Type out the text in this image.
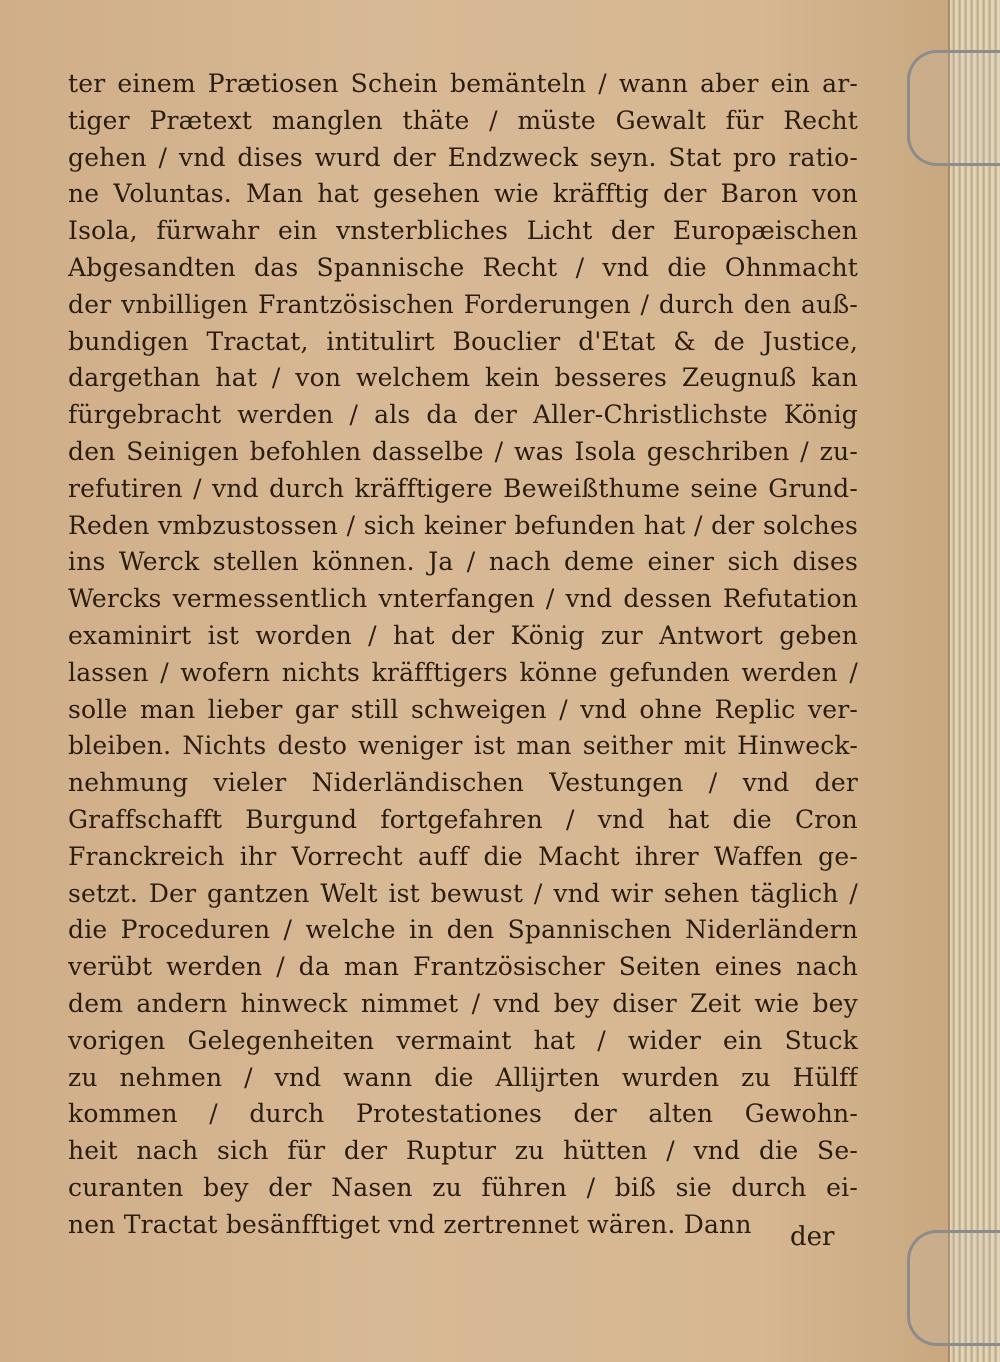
ter einem Prætiosen Schein bemänteln / wann aber ein ar-
tiger Prætext manglen thäte / müste Gewalt für Recht
gehen / vnd dises wurd der Endzweck seyn. Stat pro ratio-
ne Voluntas. Man hat gesehen wie kräfftig der Baron von
Isola, fürwahr ein vnsterbliches Licht der Europæischen
Abgesandten das Spannische Recht / vnd die Ohnmacht
der vnbilligen Frantzösischen Forderungen / durch den auß-
bundigen Tractat, intitulirt Bouclier d'Etat & de Justice,
dargethan hat / von welchem kein besseres Zeugnuß kan
fürgebracht werden / als da der Aller-Christlichste König
den Seinigen befohlen dasselbe / was Isola geschriben / zu-
refutiren / vnd durch kräfftigere Beweißthume seine Grund-
Reden vmbzustossen / sich keiner befunden hat / der solches
ins Werck stellen können. Ja / nach deme einer sich dises
Wercks vermessentlich vnterfangen / vnd dessen Refutation
examinirt ist worden / hat der König zur Antwort geben
lassen / wofern nichts kräfftigers könne gefunden werden /
solle man lieber gar still schweigen / vnd ohne Replic ver-
bleiben. Nichts desto weniger ist man seither mit Hinweck-
nehmung vieler Niderländischen Vestungen / vnd der
Graffschafft Burgund fortgefahren / vnd hat die Cron
Franckreich ihr Vorrecht auff die Macht ihrer Waffen ge-
setzt. Der gantzen Welt ist bewust / vnd wir sehen täglich /
die Proceduren / welche in den Spannischen Niderländern
verübt werden / da man Frantzösischer Seiten eines nach
dem andern hinweck nimmet / vnd bey diser Zeit wie bey
vorigen Gelegenheiten vermaint hat / wider ein Stuck
zu nehmen / vnd wann die Allijrten wurden zu Hülff
kommen / durch Protestationes der alten Gewohn-
heit nach sich für der Ruptur zu hütten / vnd die Se-
curanten bey der Nasen zu führen / biß sie durch ei-
nen Tractat besänfftiget vnd zertrennet wären. Dann	der
